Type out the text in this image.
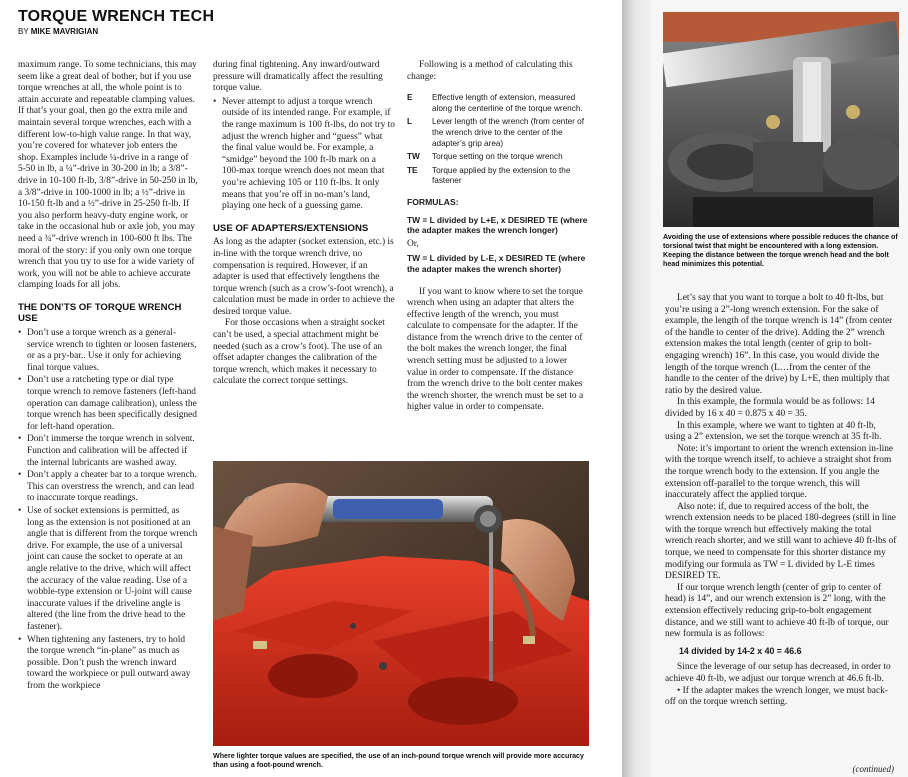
TORQUE WRENCH TECH
BY MIKE MAVRIGIAN

maximum range. To some technicians, this may seem like a great deal of bother, but if you use torque wrenches at all, the whole point is to attain accurate and repeatable clamping values. If that’s your goal, then go the extra mile and maintain several torque wrenches, each with a different low-to-high value range. In that way, you’re covered for whatever job enters the shop. Examples include ¼-drive in a range of 5-50 in lb, a ¼”-drive in 30-200 in lb; a 3/8”-drive in 10-100 ft-lb, 3/8”-drive in 50-250 in lb, a 3/8”-drive in 100-1000 in lb; a ½”-drive in 10-150 ft-lb and a ½”-drive in 25-250 ft-lb. If you also perform heavy-duty engine work, or take in the occasional hub or axle job, you may need a ¾”-drive wrench in 100-600 ft lbs. The moral of the story: if you only own one torque wrench that you try to use for a wide variety of work, you will not be able to achieve accurate clamping loads for all jobs.

THE DON’TS OF TORQUE WRENCH USE
• Don’t use a torque wrench as a general-service wrench to tighten or loosen fasteners, or as a pry-bar.. Use it only for achieving final torque values.
• Don’t use a ratcheting type or dial type torque wrench to remove fasteners (left-hand operation can damage calibration), unless the torque wrench has been specifically designed for left-hand operation.
• Don’t immerse the torque wrench in solvent. Function and calibration will be affected if the internal lubricants are washed away.
• Don’t apply a cheater bar to a torque wrench. This can overstress the wrench, and can lead to inaccurate torque readings.
• Use of socket extensions is permitted, as long as the extension is not positioned at an angle that is different from the torque wrench drive. For example, the use of a universal joint can cause the socket to operate at an angle relative to the drive, which will affect the accuracy of the value reading. Use of a wobble-type extension or U-joint will cause inaccurate values if the driveline angle is altered (the line from the drive head to the fastener).
• When tightening any fasteners, try to hold the torque wrench “in-plane” as much as possible. Don’t push the wrench inward toward the workpiece or pull outward away from the workpiece

during final tightening. Any inward/outward pressure will dramatically affect the resulting torque value.

• Never attempt to adjust a torque wrench outside of its intended range. For example, if the range maximum is 100 ft-lbs, do not try to adjust the wrench higher and “guess” what the final value would be. For example, a “smidge” beyond the 100 ft-lb mark on a 100-max torque wrench does not mean that you’re achieving 105 or 110 ft-lbs. It only means that you’re off in no-man’s land, playing one heck of a guessing game.
USE OF ADAPTERS/EXTENSIONS

As long as the adapter (socket extension, etc.) is in-line with the torque wrench drive, no compensation is required. However, if an adapter is used that effectively lengthens the torque wrench (such as a crow’s-foot wrench), a calculation must be made in order to achieve the desired torque value.

For those occasions when a straight socket can’t be used, a special attachment might be needed (such as a crow’s foot). The use of an offset adapter changes the calibration of the torque wrench, which makes it necessary to calculate the correct torque settings.

Following is a method of calculating this change:

E	Effective length of extension, measured along the centerline of the torque wrench.
L	Lever length of the wrench (from center of the wrench drive to the center of the adapter’s grip area)
TW	Torque setting on the torque wrench
TE	Torque applied by the extension to the fastener
FORMULAS:
TW = L divided by L+E, x DESIRED TE (where the adapter makes the wrench longer)
Or,
TW = L divided by L-E, x DESIRED TE (where the adapter makes the wrench shorter)

If you want to know where to set the torque wrench when using an adapter that alters the effective length of the wrench, you must calculate to compensate for the adapter. If the distance from the wrench drive to the center of the bolt makes the wrench longer, the final wrench setting must be adjusted to a lower value in order to compensate. If the distance from the wrench drive to the bolt center makes the wrench shorter, the wrench must be set to a higher value in order to compensate.

Where lighter torque values are specified, the use of an inch-pound torque wrench will provide more accuracy than using a foot-pound wrench.
Avoiding the use of extensions where possible reduces the chance of torsional twist that might be encountered with a long extension. Keeping the distance between the torque wrench head and the bolt head minimizes this potential.

Let’s say that you want to torque a bolt to 40 ft-lbs, but you’re using a 2”-long wrench extension. For the sake of example, the length of the torque wrench is 14” (from center of the handle to center of the drive). Adding the 2” wrench extension makes the total length (center of grip to bolt-engaging wrench) 16”. In this case, you would divide the length of the torque wrench (L…from the center of the handle to the center of the drive) by L+E, then multiply that ratio by the desired value.

In this example, the formula would be as follows: 14 divided by 16 x 40 = 0.875 x 40 = 35.

In this example, where we want to tighten at 40 ft-lb, using a 2” extension, we set the torque wrench at 35 ft-lb.

Note: it’s important to orient the wrench extension in-line with the torque wrench itself, to achieve a straight shot from the torque wrench body to the extension. If you angle the extension off-parallel to the torque wrench, this will inaccurately affect the applied torque.

Also note: if, due to required access of the bolt, the wrench extension needs to be placed 180-degrees (still in line with the torque wrench but effectively making the total wrench reach shorter, and we still want to achieve 40 ft-lbs of torque, we need to compensate for this shorter distance my modifying our formula as TW = L divided by L-E times DESIRED TE.

If our torque wrench length (center of grip to center of head) is 14”, and our wrench extension is 2” long, with the extension effectively reducing grip-to-bolt engagement distance, and we still want to achieve 40 ft-lb of torque, our new formula is as follows:

14 divided by 14-2 x 40 = 46.6

Since the leverage of our setup has decreased, in order to achieve 40 ft-lb, we adjust our torque wrench at 46.6 ft-lb.

• If the adapter makes the wrench longer, we must back-off on the torque wrench setting.

(continued)
